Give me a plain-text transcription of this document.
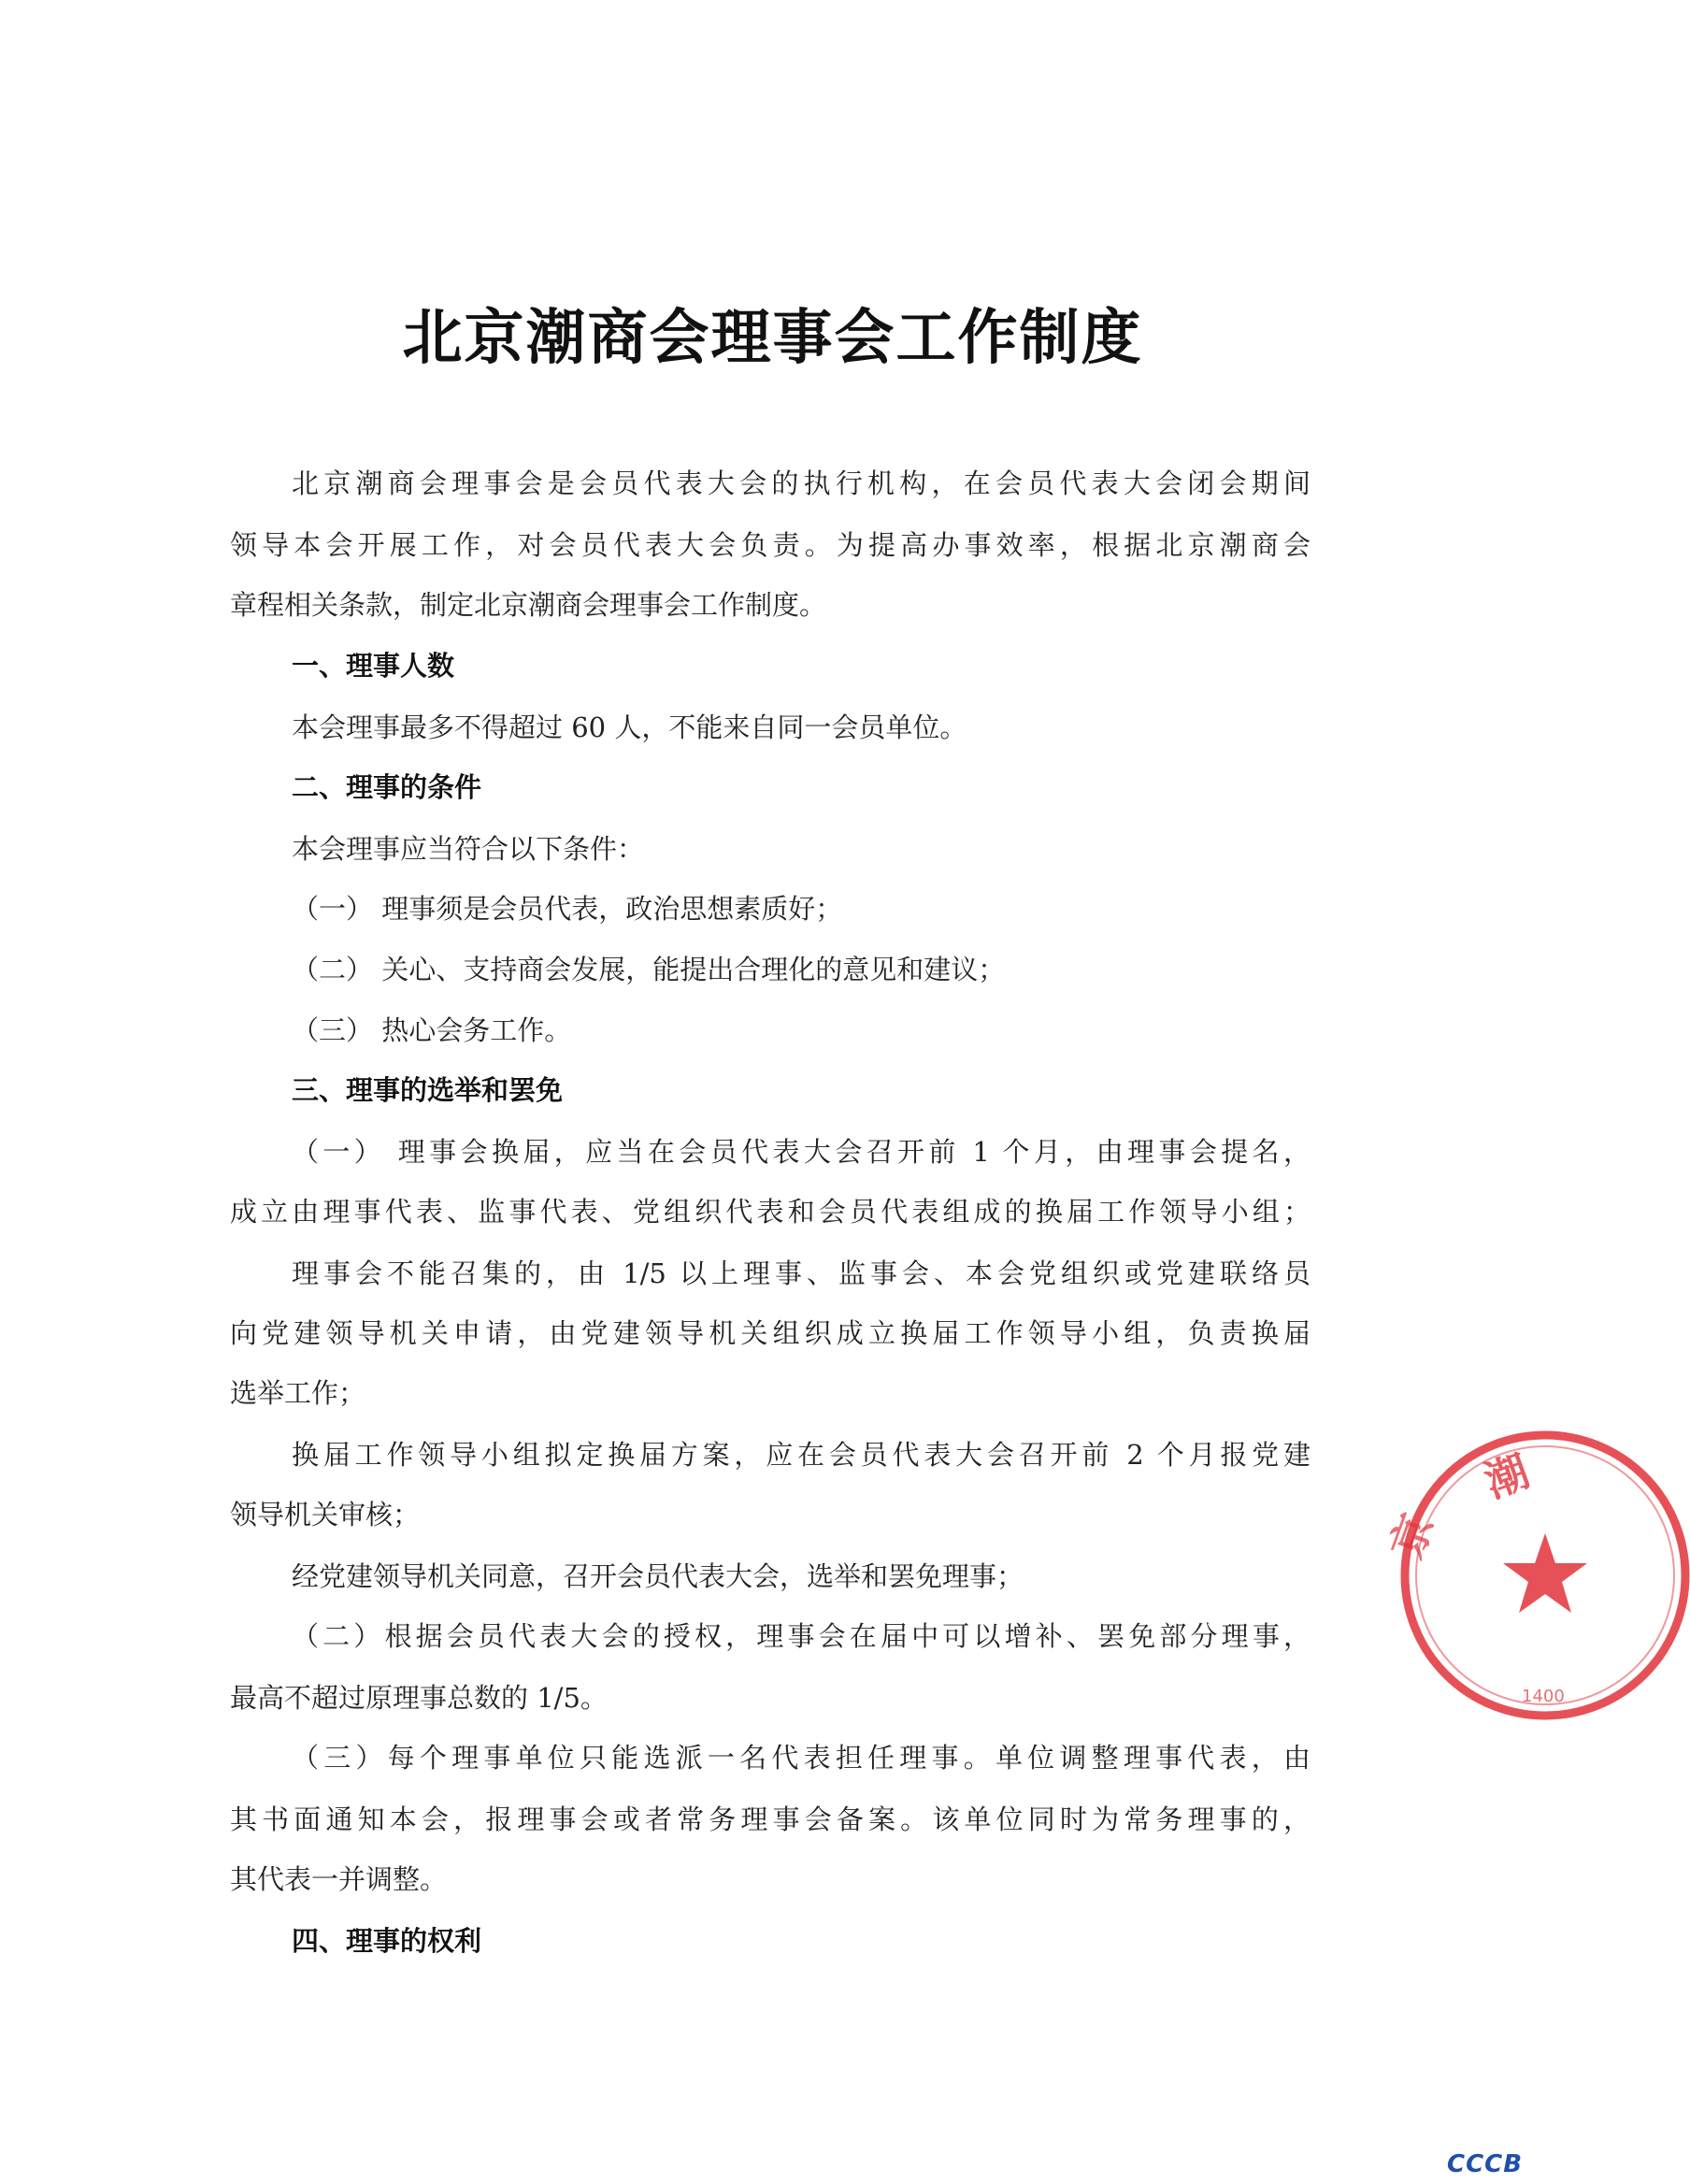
北京潮商会理事会工作制度
北京潮商会理事会是会员代表大会的执行机构，在会员代表大会闭会期间
领导本会开展工作，对会员代表大会负责。为提高办事效率，根据北京潮商会
章程相关条款，制定北京潮商会理事会工作制度。
一、理事人数
本会理事最多不得超过 60 人，不能来自同一会员单位。
二、理事的条件
本会理事应当符合以下条件：
（一） 理事须是会员代表，政治思想素质好；
（二） 关心、支持商会发展，能提出合理化的意见和建议；
（三） 热心会务工作。
三、理事的选举和罢免
（一） 理事会换届，应当在会员代表大会召开前 1 个月，由理事会提名，
成立由理事代表、监事代表、党组织代表和会员代表组成的换届工作领导小组；
理事会不能召集的，由 1/5 以上理事、监事会、本会党组织或党建联络员
向党建领导机关申请，由党建领导机关组织成立换届工作领导小组，负责换届
选举工作；
换届工作领导小组拟定换届方案，应在会员代表大会召开前 2 个月报党建
领导机关审核；
经党建领导机关同意，召开会员代表大会，选举和罢免理事；
（二）根据会员代表大会的授权，理事会在届中可以增补、罢免部分理事，
最高不超过原理事总数的 1/5。
（三）每个理事单位只能选派一名代表担任理事。单位调整理事代表，由
其书面通知本会，报理事会或者常务理事会备案。该单位同时为常务理事的，
其代表一并调整。
四、理事的权利
潮
京
1400
CCCB
